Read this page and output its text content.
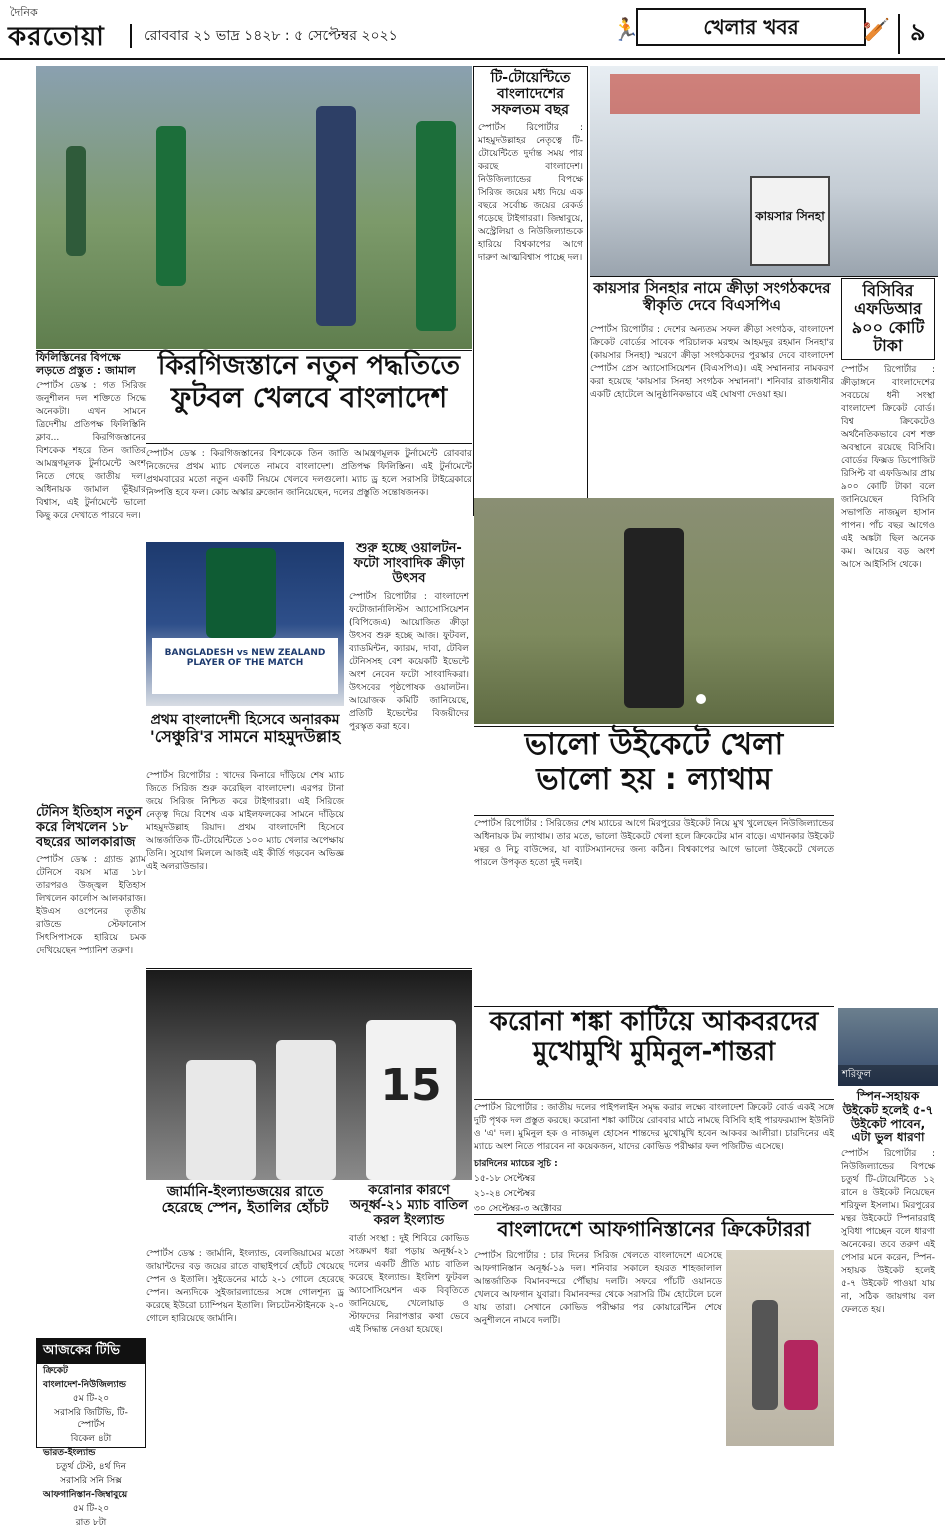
দৈনিক
করতোয়া	রোববার ২১ ভাদ্র ১৪২৮ : ৫ সেপ্টেম্বর ২০২১	🏃	খেলার খবর	🏏 ৯
টি-টোয়েন্টিতে বাংলাদেশের সফলতম বছর
স্পোর্টস রিপোর্টার : মাহমুদউল্লাহর নেতৃত্বে টি-টোয়েন্টিতে দুর্দান্ত সময় পার করছে বাংলাদেশ। নিউজিল্যান্ডের বিপক্ষে সিরিজ জয়ের মধ্য দিয়ে এক বছরে সর্বোচ্চ জয়ের রেকর্ড গড়েছে টাইগাররা। জিম্বাবুয়ে, অস্ট্রেলিয়া ও নিউজিল্যান্ডকে হারিয়ে বিশ্বকাপের আগে দারুণ আত্মবিশ্বাস পাচ্ছে দল।
কায়সার সিনহা
কায়সার সিনহার নামে ক্রীড়া সংগঠকদের স্বীকৃতি দেবে বিএসপিএ
বিসিবির এফডিআর ৯০০ কোটি টাকা
স্পোর্টস রিপোর্টার : ক্রীড়াঙ্গনে বাংলাদেশের সবচেয়ে ধনী সংস্থা বাংলাদেশ ক্রিকেট বোর্ড। বিশ্ব ক্রিকেটেও অর্থনৈতিকভাবে বেশ শক্ত অবস্থানে রয়েছে বিসিবি। বোর্ডের ফিক্সড ডিপোজিট রিসিপ্ট বা এফডিআর প্রায় ৯০০ কোটি টাকা বলে জানিয়েছেন বিসিবি সভাপতি নাজমুল হাসান পাপন। পাঁচ বছর আগেও এই অঙ্কটা ছিল অনেক কম। আয়ের বড় অংশ আসে আইসিসি থেকে।
স্পোর্টস রিপোর্টার : দেশের অন্যতম সফল ক্রীড়া সংগঠক, বাংলাদেশ ক্রিকেট বোর্ডের সাবেক পরিচালক মরহুম আহমদুর রহমান সিনহা'র (কায়সার সিনহা) স্মরণে ক্রীড়া সংগঠকদের পুরস্কার দেবে বাংলাদেশ স্পোর্টস প্রেস অ্যাসোসিয়েশন (বিএসপিএ)। এই সম্মাননার নামকরণ করা হয়েছে 'কায়সার সিনহা সংগঠক সম্মাননা'। শনিবার রাজধানীর একটি হোটেলে আনুষ্ঠানিকভাবে এই ঘোষণা দেওয়া হয়।
ফিলিস্তিনের বিপক্ষে লড়তে প্রস্তুত : জামাল
স্পোর্টস ডেস্ক : গত সিরিজ জনুশীলন দল শক্তিতে সিদ্ধে অনেকটা। এখন সামনে ত্রিদেশীয় প্রতিপক্ষ ফিলিস্তিনি ক্লাব... কিরগিজস্তানের বিশকেক শহরে তিন জাতির আমন্ত্রণমূলক টুর্নামেন্টে অংশ নিতে গেছে জাতীয় দল। অধিনায়ক জামাল ভূঁইয়ার বিশ্বাস, এই টুর্নামেন্টে ভালো কিছু করে দেখাতে পারবে দল।
টেনিস ইতিহাস নতুন করে লিখলেন ১৮ বছরের আলকারাজ
স্পোর্টস ডেস্ক : গ্র্যান্ড স্ল্যাম টেনিসে বয়স মাত্র ১৮। তারপরও উজ্জ্বল ইতিহাস লিখলেন কার্লোস আলকারাজ। ইউএস ওপেনের তৃতীয় রাউন্ডে স্টেফানোস সিৎসিপাসকে হারিয়ে চমক দেখিয়েছেন স্প্যানিশ তরুণ।
কিরগিজস্তানে নতুন পদ্ধতিতে
ফুটবল খেলবে বাংলাদেশ
স্পোর্টস ডেস্ক : কিরগিজস্তানের বিশকেকে তিন জাতি আমন্ত্রণমূলক টুর্নামেন্টে রোববার নিজেদের প্রথম ম্যাচ খেলতে নামবে বাংলাদেশ। প্রতিপক্ষ ফিলিস্তিন। এই টুর্নামেন্টে প্রথমবারের মতো নতুন একটি নিয়মে খেলবে দলগুলো। ম্যাচ ড্র হলে সরাসরি টাইব্রেকারে নিষ্পত্তি হবে ফল। কোচ অস্কার ব্রুজোন জানিয়েছেন, দলের প্রস্তুতি সন্তোষজনক।
BANGLADESH vs NEW ZEALAND
PLAYER OF THE MATCH
শুরু হচ্ছে ওয়ালটন-ফটো সাংবাদিক ক্রীড়া উৎসব
স্পোর্টস রিপোর্টার : বাংলাদেশ ফটোজার্নালিস্টস অ্যাসোসিয়েশন (বিপিজেএ) আয়োজিত ক্রীড়া উৎসব শুরু হচ্ছে আজ। ফুটবল, ব্যাডমিন্টন, ক্যারম, দাবা, টেবিল টেনিসসহ বেশ কয়েকটি ইভেন্টে অংশ নেবেন ফটো সাংবাদিকরা। উৎসবের পৃষ্ঠপোষক ওয়ালটন। আয়োজক কমিটি জানিয়েছে, প্রতিটি ইভেন্টের বিজয়ীদের পুরস্কৃত করা হবে।
প্রথম বাংলাদেশী হিসেবে অনারকম
'সেঞ্চুরি'র সামনে মাহমুদউল্লাহ
স্পোর্টস রিপোর্টার : খাদের কিনারে দাঁড়িয়ে শেষ ম্যাচ জিতে সিরিজ শুরু করেছিল বাংলাদেশ। এরপর টানা জয়ে সিরিজ নিশ্চিত করে টাইগাররা। এই সিরিজে নেতৃত্ব দিয়ে বিশেষ এক মাইলফলকের সামনে দাঁড়িয়ে মাহমুদউল্লাহ রিয়াদ। প্রথম বাংলাদেশি হিসেবে আন্তর্জাতিক টি-টোয়েন্টিতে ১০০ ম্যাচ খেলার অপেক্ষায় তিনি। সুযোগ মিললে আজই এই কীর্তি গড়বেন অভিজ্ঞ এই অলরাউন্ডার।
ভালো উইকেটে খেলা
ভালো হয় : ল্যাথাম
স্পোর্টস রিপোর্টার : সিরিজের শেষ ম্যাচের আগে মিরপুরের উইকেট নিয়ে মুখ খুলেছেন নিউজিল্যান্ডের অধিনায়ক টম ল্যাথাম। তার মতে, ভালো উইকেটে খেলা হলে ক্রিকেটের মান বাড়ে। এখানকার উইকেট মন্থর ও নিচু বাউন্সের, যা ব্যাটসম্যানদের জন্য কঠিন। বিশ্বকাপের আগে ভালো উইকেটে খেলতে পারলে উপকৃত হতো দুই দলই।
শরিফুল
স্পিন-সহায়ক উইকেট হলেই ৫-৭ উইকেট পাবেন, এটা ভুল ধারণা
স্পোর্টস রিপোর্টার : নিউজিল্যান্ডের বিপক্ষে চতুর্থ টি-টোয়েন্টিতে ১২ রানে ৪ উইকেট নিয়েছেন শরিফুল ইসলাম। মিরপুরের মন্থর উইকেটে স্পিনাররাই সুবিধা পাচ্ছেন বলে ধারণা অনেকের। তবে তরুণ এই পেসার মনে করেন, স্পিন-সহায়ক উইকেট হলেই ৫-৭ উইকেট পাওয়া যায় না, সঠিক জায়গায় বল ফেলতে হয়।
15
করোনা শঙ্কা কাটিয়ে আকবরদের
মুখোমুখি মুমিনুল-শান্তরা
স্পোর্টস রিপোর্টার : জাতীয় দলের পাইপলাইন সমৃদ্ধ করার লক্ষ্যে বাংলাদেশ ক্রিকেট বোর্ড একই সঙ্গে দুটি পৃথক দল প্রস্তুত করছে। করোনা শঙ্কা কাটিয়ে রোববার মাঠে নামছে বিসিবি হাই পারফরম্যান্স ইউনিট ও 'এ' দল। মুমিনুল হক ও নাজমুল হোসেন শান্তদের মুখোমুখি হবেন আকবর আলীরা। চারদিনের এই ম্যাচে অংশ নিতে পারবেন না কয়েকজন, যাদের কোভিড পরীক্ষার ফল পজিটিভ এসেছে।
চারদিনের ম্যাচের সূচি :
১৫-১৮ সেপ্টেম্বর
২১-২৪ সেপ্টেম্বর
৩০ সেপ্টেম্বর-৩ অক্টোবর
জার্মানি-ইংল্যান্ডজয়ের রাতে
হেরেছে স্পেন, ইতালির হোঁচট
স্পোর্টস ডেস্ক : জার্মানি, ইংল্যান্ড, বেলজিয়ামের মতো জায়ান্টদের বড় জয়ের রাতে বাছাইপর্বে হোঁচট খেয়েছে স্পেন ও ইতালি। সুইডেনের মাঠে ২-১ গোলে হেরেছে স্পেন। অন্যদিকে সুইজারল্যান্ডের সঙ্গে গোলশূন্য ড্র করেছে ইউরো চ্যাম্পিয়ন ইতালি। লিচটেনস্টাইনকে ২-০ গোলে হারিয়েছে জার্মানি।
করোনার কারণে অনূর্ধ্ব-২১ ম্যাচ বাতিল করল ইংল্যান্ড
বার্তা সংস্থা : দুই শিবিরে কোভিড সংক্রমণ ধরা পড়ায় অনূর্ধ্ব-২১ দলের একটি প্রীতি ম্যাচ বাতিল করেছে ইংল্যান্ড। ইংলিশ ফুটবল অ্যাসোসিয়েশন এক বিবৃতিতে জানিয়েছে, খেলোয়াড় ও স্টাফদের নিরাপত্তার কথা ভেবে এই সিদ্ধান্ত নেওয়া হয়েছে।
বাংলাদেশে আফগানিস্তানের ক্রিকেটাররা
স্পোর্টস রিপোর্টার : চার দিনের সিরিজ খেলতে বাংলাদেশে এসেছে আফগানিস্তান অনূর্ধ্ব-১৯ দল। শনিবার সকালে হযরত শাহজালাল আন্তর্জাতিক বিমানবন্দরে পৌঁছায় দলটি। সফরে পাঁচটি ওয়ানডে খেলবে আফগান যুবারা। বিমানবন্দর থেকে সরাসরি টিম হোটেলে চলে যায় তারা। সেখানে কোভিড পরীক্ষার পর কোয়ারেন্টিন শেষে অনুশীলনে নামবে দলটি।
আজকের টিভি
ক্রিকেট
বাংলাদেশ-নিউজিল্যান্ড
৫ম টি-২০
সরাসরি জিটিভি, টি-স্পোর্টস
বিকেল ৪টা
ভারত-ইংল্যান্ড
চতুর্থ টেস্ট, ৪র্থ দিন
সরাসরি সনি সিক্স
আফগানিস্তান-জিম্বাবুয়ে
৫ম টি-২০
রাত ৮টা
